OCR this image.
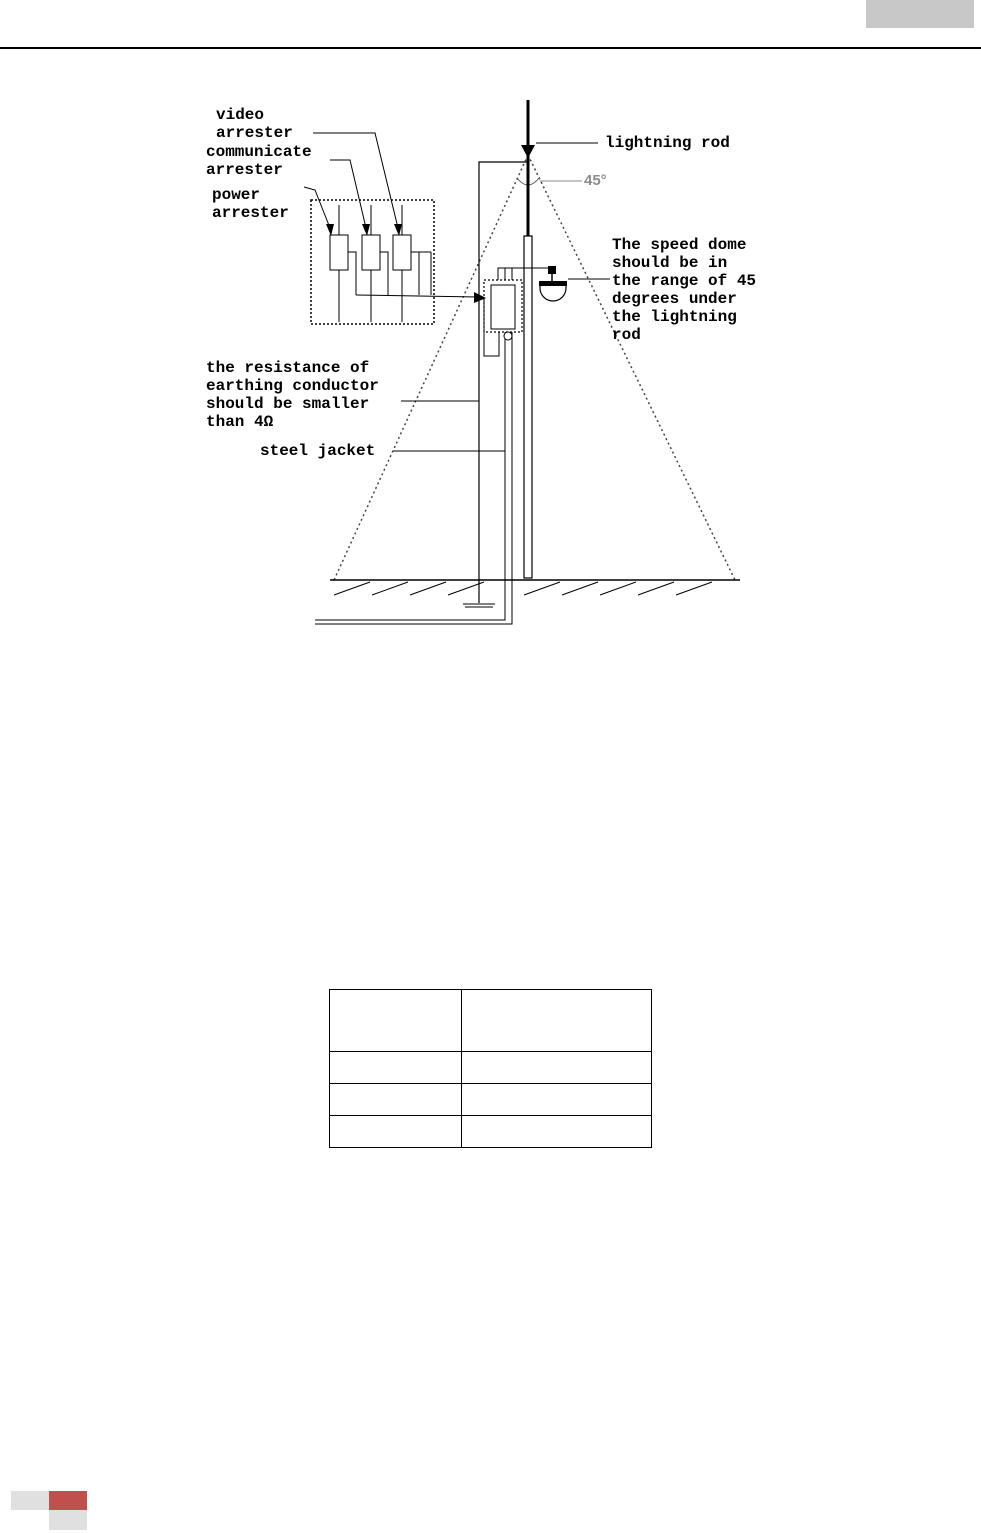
video
arrester
communicate
arrester
power
arrester
lightning rod
45°
The speed dome
should be in
the range of 45
degrees under
the lightning
rod
the resistance of
earthing conductor
should be smaller
than 4Ω
steel jacket
